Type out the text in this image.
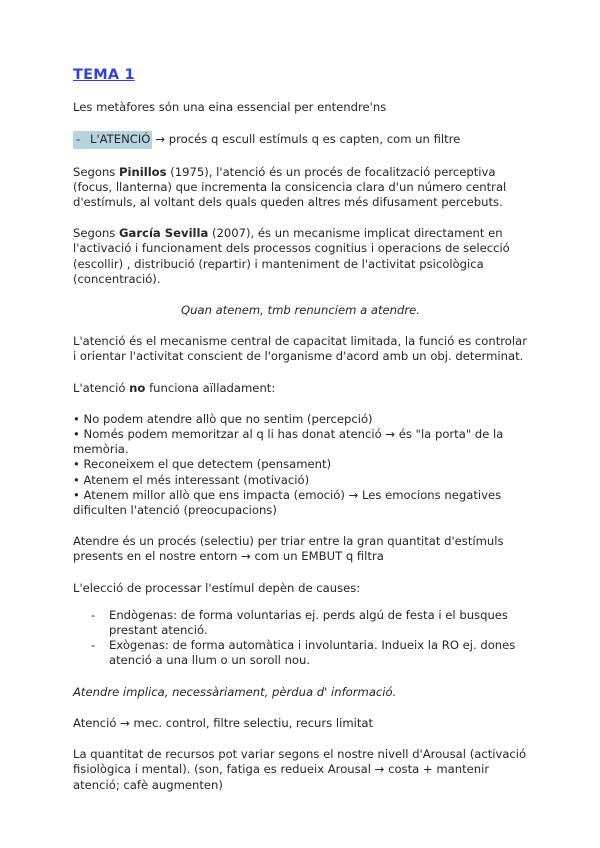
TEMA 1

Les metàfores són una eina essencial per entendre'ns

- L'ATENCIÓ → procés q escull estímuls q es capten, com un filtre

Segons Pinillos (1975), l'atenció és un procés de focalització perceptiva (focus, llanterna) que incrementa la consicencia clara d'un número central d'estímuls, al voltant dels quals queden altres més difusament percebuts.

Segons García Sevilla (2007), és un mecanisme implicat directament en l'activació i funcionament dels processos cognitius i operacions de selecció (escollir) , distribució (repartir) i manteniment de l'activitat psicològica (concentració).

Quan atenem, tmb renunciem a atendre.

L'atenció és el mecanisme central de capacitat limitada, la funció es controlar i orientar l'activitat conscient de l'organisme d'acord amb un obj. determinat.

L'atenció no funciona aïlladament:

• No podem atendre allò que no sentim (percepció)
• Només podem memoritzar al q li has donat atenció → és "la porta" de la memòria.
• Reconeixem el que detectem (pensament)
• Atenem el més interessant (motivació)
• Atenem millor allò que ens impacta (emoció) → Les emocions negatives dificulten l'atenció (preocupacions)

Atendre és un procés (selectiu) per triar entre la gran quantitat d'estímuls presents en el nostre entorn → com un EMBUT q filtra

L'elecció de processar l'estímul depèn de causes:

- Endògenas: de forma voluntarias ej. perds algú de festa i el busques prestant atenció.
- Exògenas: de forma automàtica i involuntaria. Indueix la RO ej. dones atenció a una llum o un soroll nou.

Atendre implica, necessàriament, pèrdua d' informació.

Atenció → mec. control, filtre selectiu, recurs limitat

La quantitat de recursos pot variar segons el nostre nivell d'Arousal (activació fisiològica i mental). (son, fatiga es redueix Arousal → costa + mantenir atenció; cafè augmenten)
